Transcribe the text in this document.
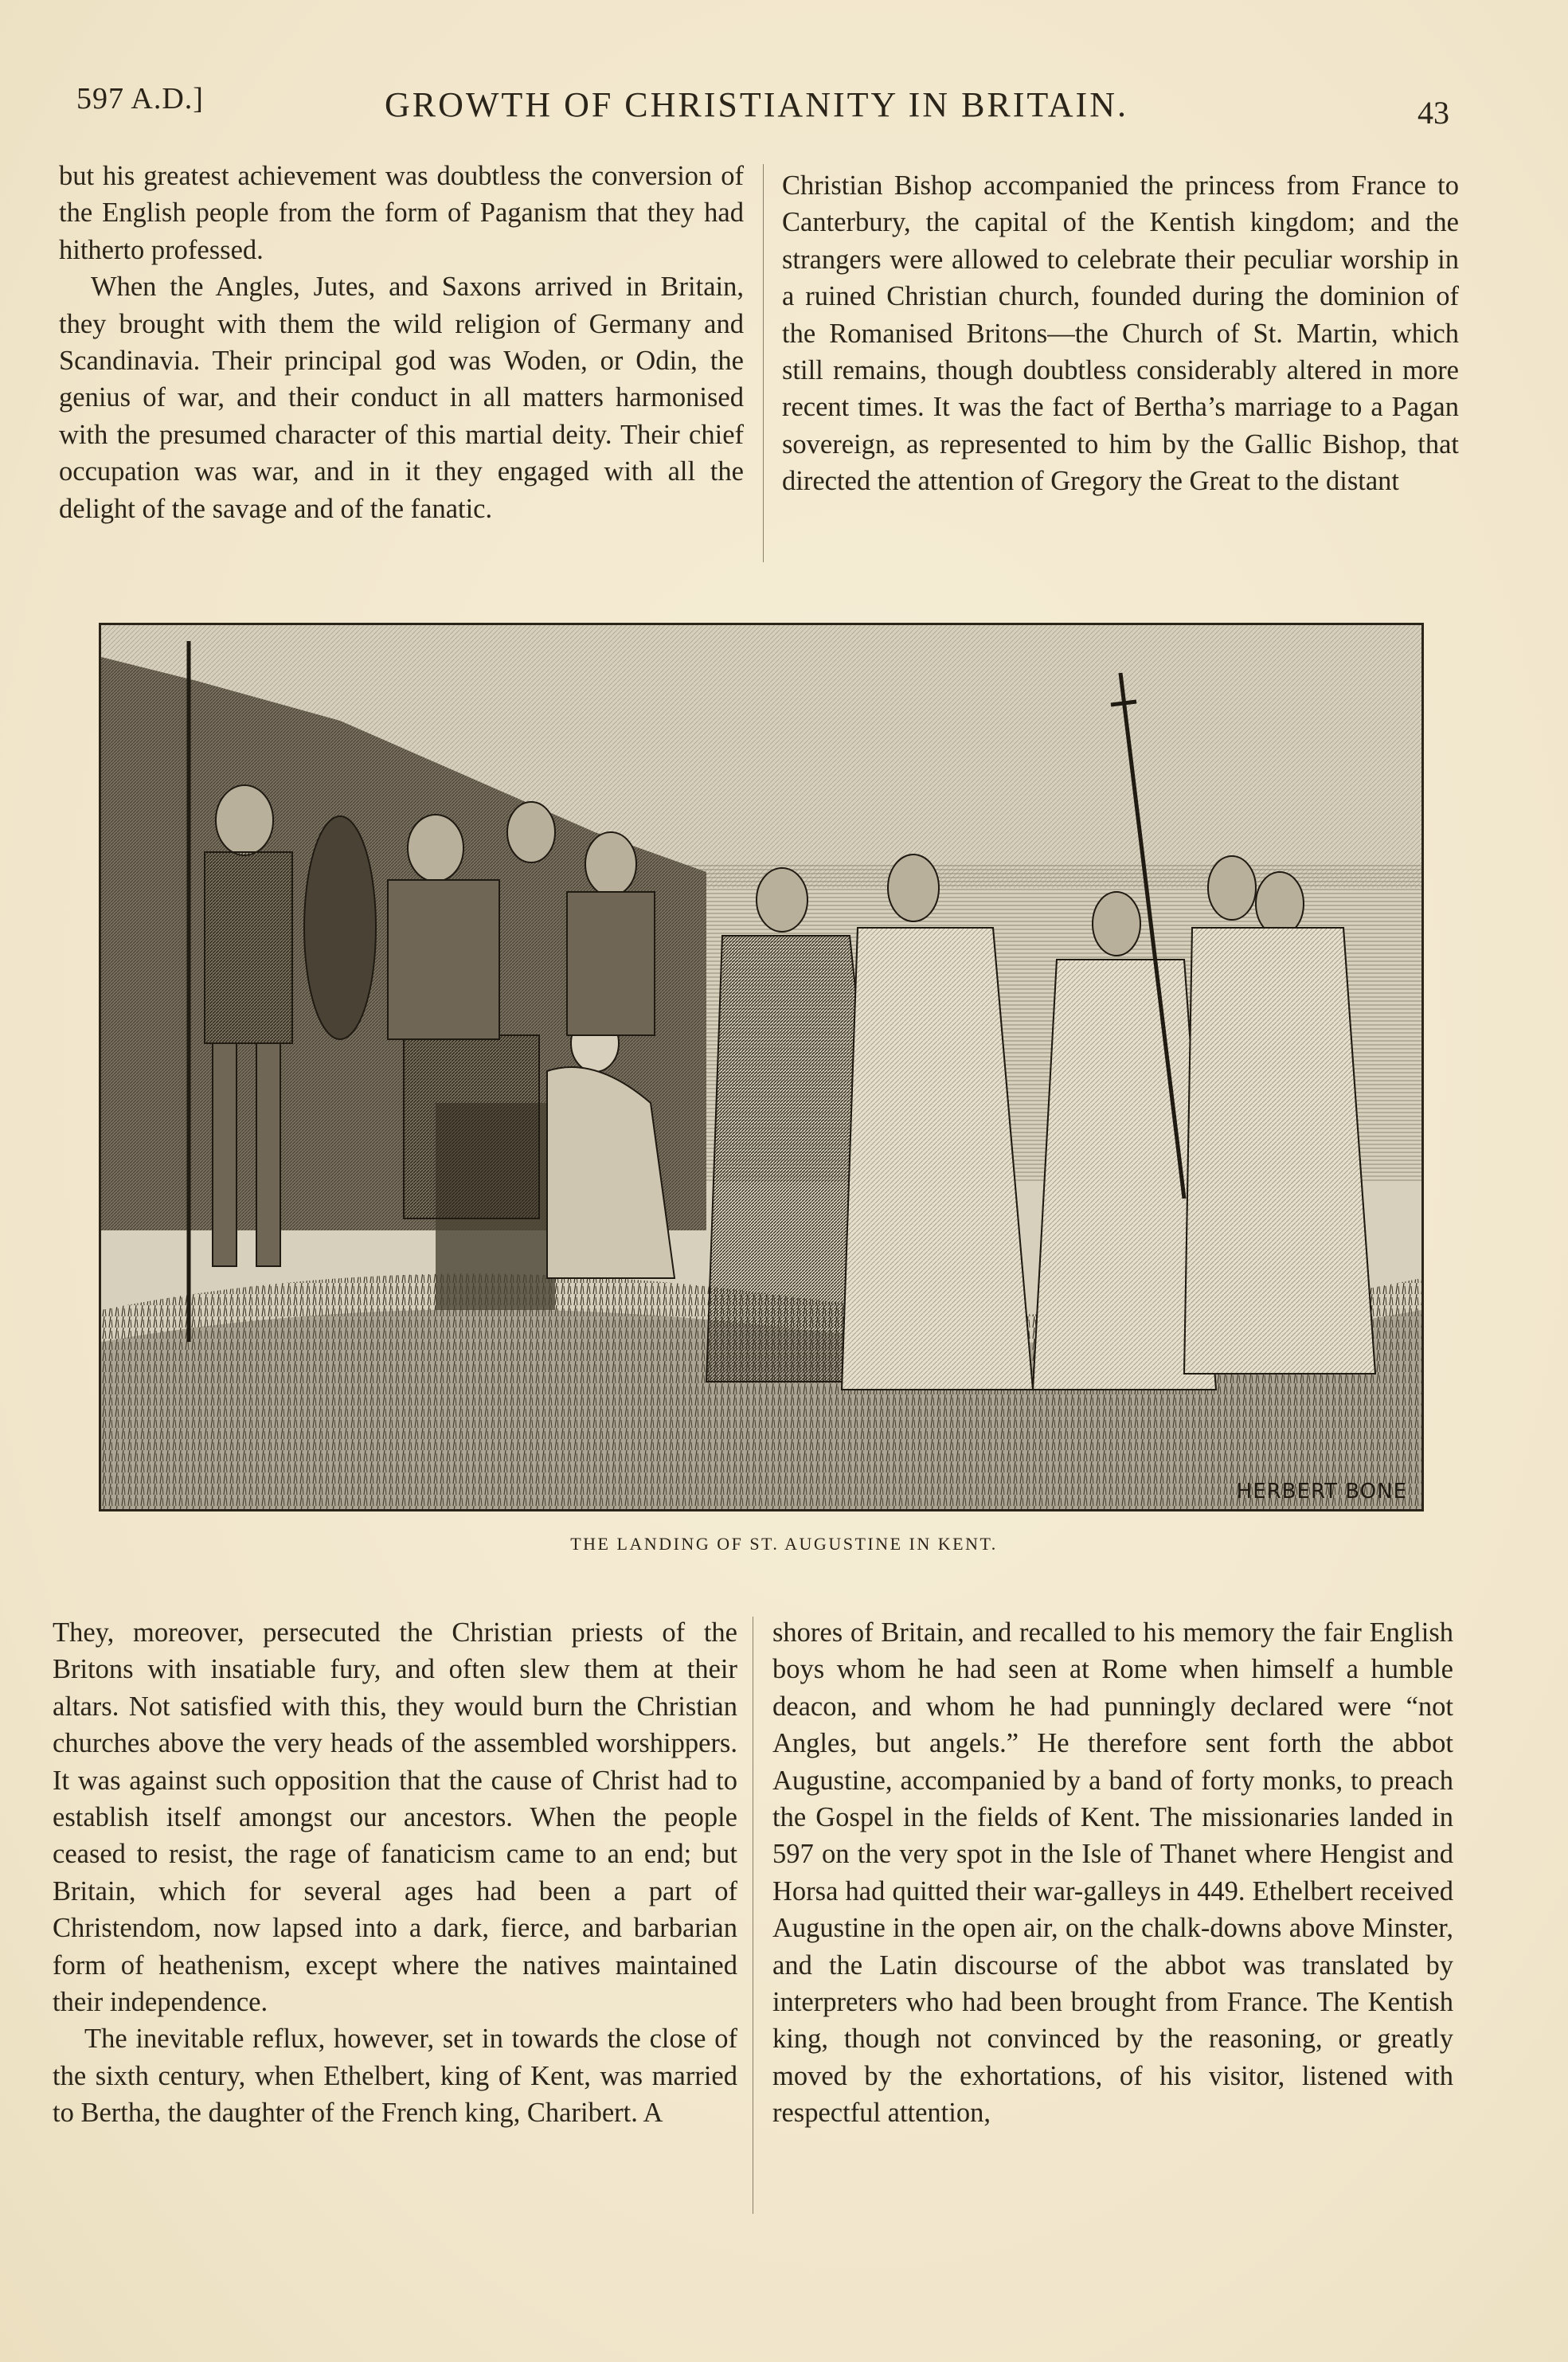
597 A.D.]	GROWTH OF CHRISTIANITY IN BRITAIN.	43

but his greatest achievement was doubtless the conversion of the English people from the form of Paganism that they had hitherto professed.

When the Angles, Jutes, and Saxons arrived in Britain, they brought with them the wild religion of Germany and Scandinavia. Their principal god was Woden, or Odin, the genius of war, and their conduct in all matters harmonised with the presumed character of this martial deity. Their chief occupation was war, and in it they engaged with all the delight of the savage and of the fanatic.

Christian Bishop accompanied the princess from France to Canterbury, the capital of the Kentish kingdom; and the strangers were allowed to celebrate their peculiar worship in a ruined Christian church, founded during the dominion of the Romanised Britons—the Church of St. Martin, which still remains, though doubtless considerably altered in more recent times. It was the fact of Bertha’s marriage to a Pagan sovereign, as represented to him by the Gallic Bishop, that directed the attention of Gregory the Great to the distant

HERBERT BONE
THE LANDING OF ST. AUGUSTINE IN KENT.

They, moreover, persecuted the Christian priests of the Britons with insatiable fury, and often slew them at their altars. Not satisfied with this, they would burn the Christian churches above the very heads of the assembled worshippers. It was against such opposition that the cause of Christ had to establish itself amongst our ancestors. When the people ceased to resist, the rage of fanaticism came to an end; but Britain, which for several ages had been a part of Christendom, now lapsed into a dark, fierce, and barbarian form of heathenism, except where the natives maintained their independence.

The inevitable reflux, however, set in towards the close of the sixth century, when Ethelbert, king of Kent, was married to Bertha, the daughter of the French king, Charibert. A

shores of Britain, and recalled to his memory the fair English boys whom he had seen at Rome when himself a humble deacon, and whom he had punningly declared were “not Angles, but angels.” He therefore sent forth the abbot Augustine, accompanied by a band of forty monks, to preach the Gospel in the fields of Kent. The missionaries landed in 597 on the very spot in the Isle of Thanet where Hengist and Horsa had quitted their war-galleys in 449. Ethelbert received Augustine in the open air, on the chalk-downs above Minster, and the Latin discourse of the abbot was translated by interpreters who had been brought from France. The Kentish king, though not convinced by the reasoning, or greatly moved by the exhortations, of his visitor, listened with respectful attention,
